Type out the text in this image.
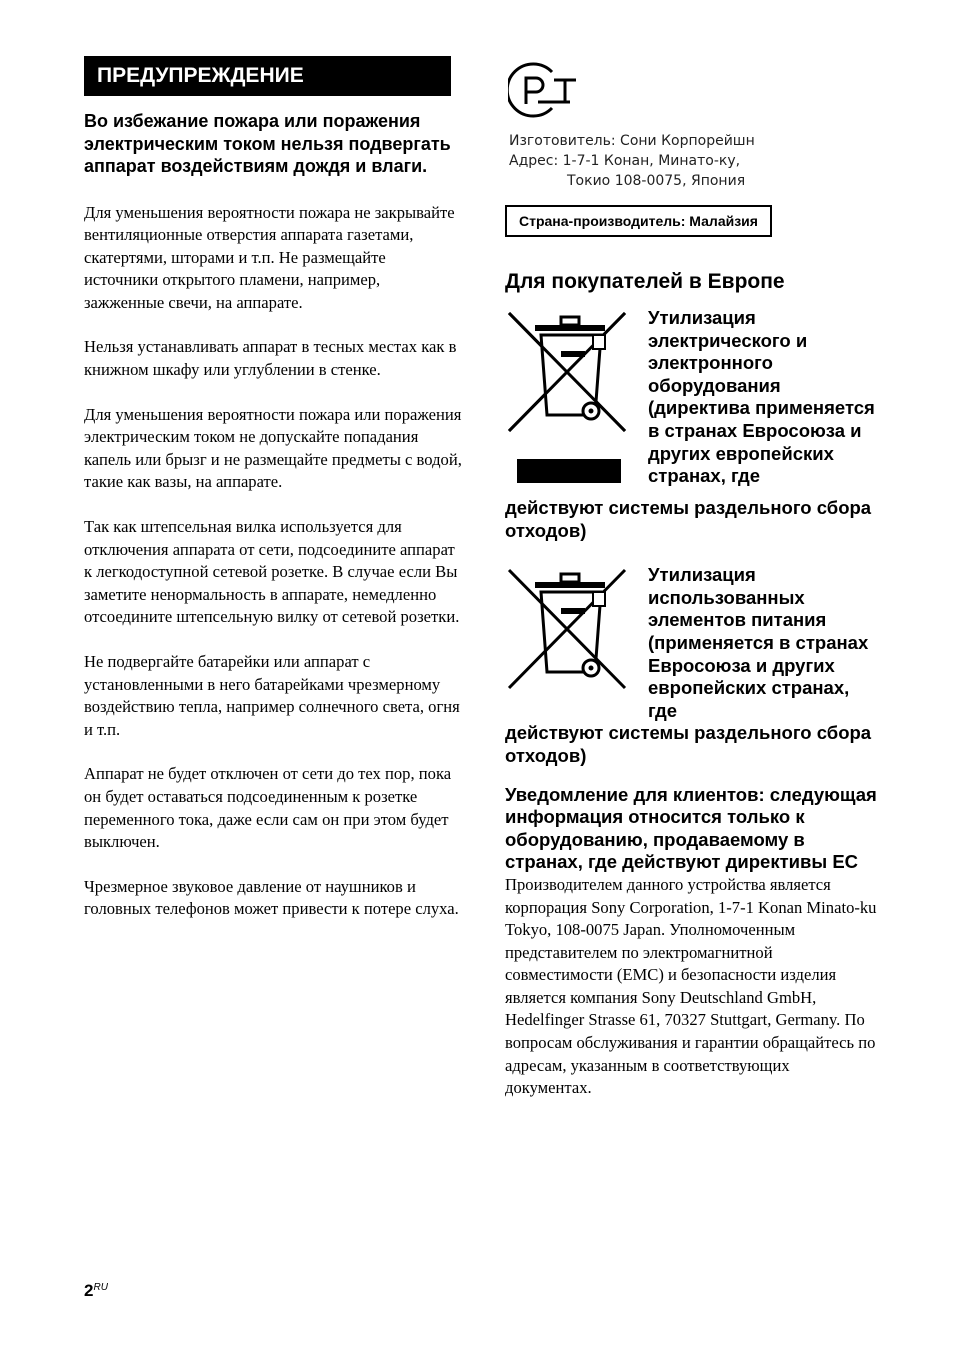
ПРЕДУПРЕЖДЕНИЕ
Во избежание пожара или поражения электрическим током нельзя подвергать аппарат воздействиям дождя и влаги.

Для уменьшения вероятности пожара не закрывайте вентиляционные отверстия аппарата газетами, скатертями, шторами и т.п. Не размещайте источники открытого пламени, например, зажженные свечи, на аппарате.

Нельзя устанавливать аппарат в тесных местах как в книжном шкафу или углублении в стенке.

Для уменьшения вероятности пожара или поражения электрическим током не допускайте попадания капель или брызг и не размещайте предметы с водой, такие как вазы, на аппарате.

Так как штепсельная вилка используется для отключения аппарата от сети, подсоедините аппарат к легкодоступной сетевой розетке. В случае если Вы заметите ненормальность в аппарате, немедленно отсоедините штепсельную вилку от сетевой розетки.

Не подвергайте батарейки или аппарат с установленными в него батарейками чрезмерному воздействию тепла, например солнечного света, огня и т.п.

Аппарат не будет отключен от сети до тех пор, пока он будет оставаться подсоединенным к розетке переменного тока, даже если сам он при этом будет выключен.

Чрезмерное звуковое давление от наушников и головных телефонов может привести к потере слуха.

Изготовитель: Сони Корпорейшн
Адрес: 1-7-1 Конан, Минато-ку,
Токио 108-0075, Япония
Страна-производитель: Малайзия
Для покупателей в Европе
Утилизация электрического и электронного оборудования (директива применяется в странах Евросоюза и других европейских странах, где
действуют системы раздельного сбора отходов)
Утилизация использованных элементов питания (применяется в странах Евросоюза и других европейских странах, где
действуют системы раздельного сбора отходов)
Уведомление для клиентов: следующая информация относится только к оборудованию, продаваемому в странах, где действуют директивы ЕС

Производителем данного устройства является корпорация Sony Corporation, 1-7-1 Konan Minato-ku Tokyo, 108-0075 Japan. Уполномоченным представителем по электромагнитной совместимости (EMC) и безопасности изделия является компания Sony Deutschland GmbH, Hedelfinger Strasse 61, 70327 Stuttgart, Germany. По вопросам обслуживания и гарантии обращайтесь по адресам, указанным в соответствующих документах.

$2^{RU}$
